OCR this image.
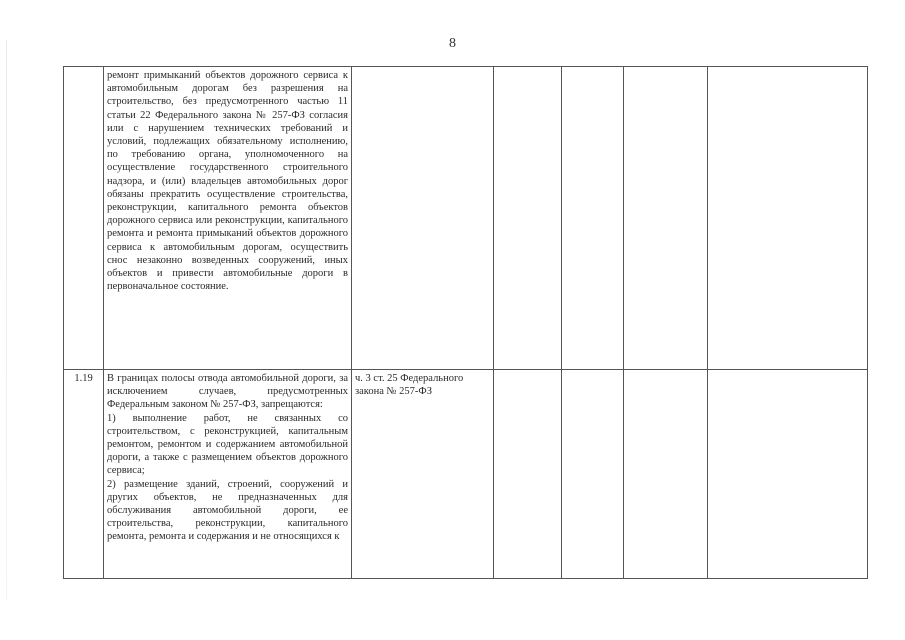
8

	ремонт примыканий объектов дорожного сервиса к автомобильным дорогам без разрешения на строительство, без предусмотренного частью 11 статьи 22 Федерального закона № 257-ФЗ согласия или с нарушением технических требований и условий, подлежащих обязательному исполнению, по требованию органа, уполномоченного на осуществление государственного строительного надзора, и (или) владельцев автомобильных дорог обязаны прекратить осуществление строительства, реконструкции, капитального ремонта объектов дорожного сервиса или реконструкции, капитального ремонта и ремонта примыканий объектов дорожного сервиса к автомобильным дорогам, осуществить снос незаконно возведенных сооружений, иных объектов и привести автомобильные дороги в первоначальное состояние.					

1.19	В границах полосы отвода автомобильной дороги, за исключением случаев, предусмотренных Федеральным законом № 257-ФЗ, запрещаются:
1) выполнение работ, не связанных со строительством, с реконструкцией, капитальным ремонтом, ремонтом и содержанием автомобильной дороги, а также с размещением объектов дорожного сервиса;
2) размещение зданий, строений, сооружений и других объектов, не предназначенных для обслуживания автомобильной дороги, ее строительства, реконструкции, капитального ремонта, ремонта и содержания и не относящихся к	ч. 3 ст. 25 Федерального закона № 257-ФЗ				
